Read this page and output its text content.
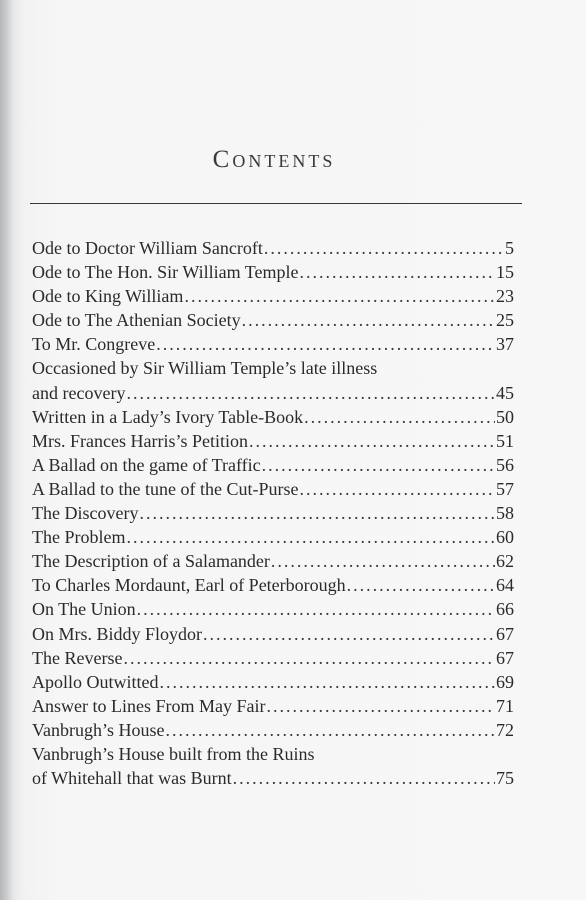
Contents
Ode to Doctor William Sancroft .....	5
Ode to The Hon. Sir William Temple .....	15
Ode to King William .....	23
Ode to The Athenian Society .....	25
To Mr. Congreve .....	37
Occasioned by Sir William Temple’s late illness
and recovery .....	45
Written in a Lady’s Ivory Table-Book .....	50
Mrs. Frances Harris’s Petition .....	51
A Ballad on the game of Traffic .....	56
A Ballad to the tune of the Cut-Purse .....	57
The Discovery .....	58
The Problem .....	60
The Description of a Salamander .....	62
To Charles Mordaunt, Earl of Peterborough .....	64
On The Union .....	66
On Mrs. Biddy Floydor .....	67
The Reverse .....	67
Apollo Outwitted .....	69
Answer to Lines From May Fair .....	71
Vanbrugh’s House .....	72
Vanbrugh’s House built from the Ruins
of Whitehall that was Burnt .....	75
